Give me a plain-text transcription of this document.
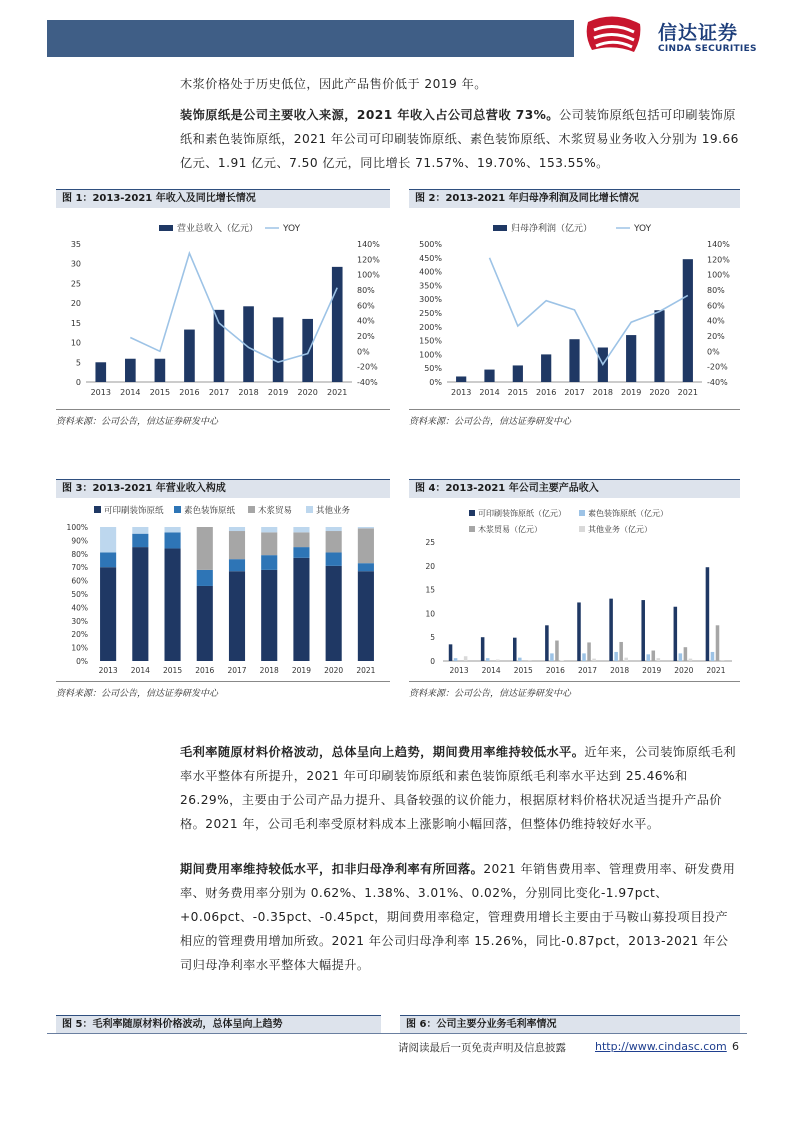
信达证券
CINDA SECURITIES
木浆价格处于历史低位，因此产品售价低于 2019 年。
装饰原纸是公司主要收入来源，2021 年收入占公司总营收 73%。公司装饰原纸包括可印刷装饰原纸和素色装饰原纸，2021 年公司可印刷装饰原纸、素色装饰原纸、木浆贸易业务收入分别为 19.66 亿元、1.91 亿元、7.50 亿元，同比增长 71.57%、19.70%、153.55%。
图 1：2013-2021 年收入及同比增长情况
营业总收入（亿元）	YOY
0
5
10
15
20
25
30
35
-40%
-20%
0%
20%
40%
60%
80%
100%
120%
140%
2013 2014 2015 2016 2017 2018 2019 2020 2021
资料来源：公司公告，信达证券研发中心
图 2：2013-2021 年归母净利润及同比增长情况
归母净利润（亿元）	YOY
0%
50%
100%
150%
200%
250%
300%
350%
400%
450%
500%
-40%
-20%
0%
20%
40%
60%
80%
100%
120%
140%
2013 2014 2015 2016 2017 2018 2019 2020 2021
资料来源：公司公告，信达证券研发中心
图 3：2013-2021 年营业收入构成
可印刷装饰原纸 素色装饰原纸	木浆贸易	其他业务
0%
10%
20%
30%
40%
50%
60%
70%
80%
90%
100%
2013 2014 2015 2016 2017 2018 2019 2020 2021
资料来源：公司公告，信达证券研发中心
图 4：2013-2021 年公司主要产品收入
可印刷装饰原纸（亿元）	素色装饰原纸（亿元）
木浆贸易（亿元）	其他业务（亿元）
0
5
10
15
20
25
2013 2014 2015 2016 2017 2018 2019 2020 2021
资料来源：公司公告，信达证券研发中心
毛利率随原材料价格波动，总体呈向上趋势，期间费用率维持较低水平。近年来，公司装饰原纸毛利率水平整体有所提升，2021 年可印刷装饰原纸和素色装饰原纸毛利率水平达到 25.46%和 26.29%，主要由于公司产品力提升、具备较强的议价能力，根据原材料价格状况适当提升产品价格。2021 年，公司毛利率受原材料成本上涨影响小幅回落，但整体仍维持较好水平。
期间费用率维持较低水平，扣非归母净利率有所回落。2021 年销售费用率、管理费用率、研发费用率、财务费用率分别为 0.62%、1.38%、3.01%、0.02%，分别同比变化-1.97pct、+0.06pct、-0.35pct、-0.45pct，期间费用率稳定，管理费用增长主要由于马鞍山募投项目投产相应的管理费用增加所致。2021 年公司归母净利率 15.26%，同比-0.87pct，2013-2021 年公司归母净利率水平整体大幅提升。
图 5：毛利率随原材料价格波动，总体呈向上趋势	图 6：公司主要分业务毛利率情况
请阅读最后一页免责声明及信息披露	http://www.cindasc.com 6
